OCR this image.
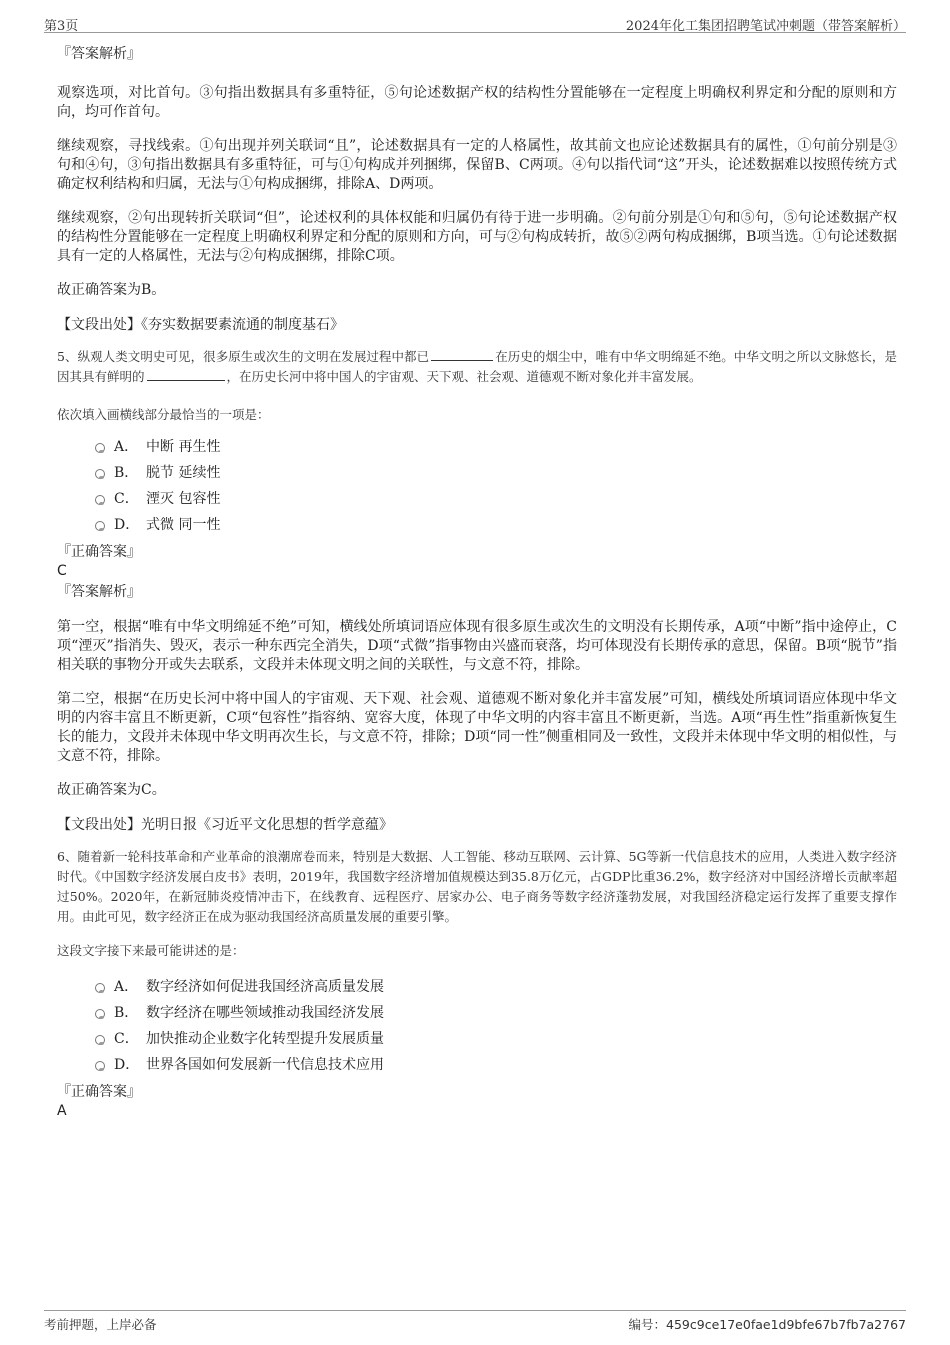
第3页	2024年化工集团招聘笔试冲刺题（带答案解析）
『答案解析』

观察选项，对比首句。③句指出数据具有多重特征，⑤句论述数据产权的结构性分置能够在一定程度上明确权利界定和分配的原则和方向，均可作首句。

继续观察，寻找线索。①句出现并列关联词“且”，论述数据具有一定的人格属性，故其前文也应论述数据具有的属性，①句前分别是③句和④句，③句指出数据具有多重特征，可与①句构成并列捆绑，保留B、C两项。④句以指代词“这”开头，论述数据难以按照传统方式确定权利结构和归属，无法与①句构成捆绑，排除A、D两项。

继续观察，②句出现转折关联词“但”，论述权利的具体权能和归属仍有待于进一步明确。②句前分别是①句和⑤句，⑤句论述数据产权的结构性分置能够在一定程度上明确权利界定和分配的原则和方向，可与②句构成转折，故⑤②两句构成捆绑，B项当选。①句论述数据具有一定的人格属性，无法与②句构成捆绑，排除C项。

故正确答案为B。

【文段出处】《夯实数据要素流通的制度基石》

5、纵观人类文明史可见，很多原生或次生的文明在发展过程中都已	在历史的烟尘中，唯有中华文明绵延不绝。中华文明之所以文脉悠长，是因其具有鲜明的	，在历史长河中将中国人的宇宙观、天下观、社会观、道德观不断对象化并丰富发展。

依次填入画横线部分最恰当的一项是：
A． 中断 再生性
B． 脱节 延续性
C． 湮灭 包容性
D． 式微 同一性
『正确答案』
C
『答案解析』

第一空，根据“唯有中华文明绵延不绝”可知，横线处所填词语应体现有很多原生或次生的文明没有长期传承，A项“中断”指中途停止，C项“湮灭”指消失、毁灭，表示一种东西完全消失，D项“式微”指事物由兴盛而衰落，均可体现没有长期传承的意思，保留。B项“脱节”指相关联的事物分开或失去联系，文段并未体现文明之间的关联性，与文意不符，排除。

第二空，根据“在历史长河中将中国人的宇宙观、天下观、社会观、道德观不断对象化并丰富发展”可知，横线处所填词语应体现中华文明的内容丰富且不断更新，C项“包容性”指容纳、宽容大度，体现了中华文明的内容丰富且不断更新，当选。A项“再生性”指重新恢复生长的能力，文段并未体现中华文明再次生长，与文意不符，排除；D项“同一性”侧重相同及一致性，文段并未体现中华文明的相似性，与文意不符，排除。

故正确答案为C。

【文段出处】光明日报《习近平文化思想的哲学意蕴》

6、随着新一轮科技革命和产业革命的浪潮席卷而来，特别是大数据、人工智能、移动互联网、云计算、5G等新一代信息技术的应用，人类进入数字经济时代。《中国数字经济发展白皮书》表明，2019年，我国数字经济增加值规模达到35.8万亿元，占GDP比重36.2%，数字经济对中国经济增长贡献率超过50%。2020年，在新冠肺炎疫情冲击下，在线教育、远程医疗、居家办公、电子商务等数字经济蓬勃发展，对我国经济稳定运行发挥了重要支撑作用。由此可见，数字经济正在成为驱动我国经济高质量发展的重要引擎。

这段文字接下来最可能讲述的是：
A． 数字经济如何促进我国经济高质量发展
B． 数字经济在哪些领域推动我国经济发展
C． 加快推动企业数字化转型提升发展质量
D． 世界各国如何发展新一代信息技术应用
『正确答案』
A
考前押题，上岸必备	编号：459c9ce17e0fae1d9bfe67b7fb7a2767
